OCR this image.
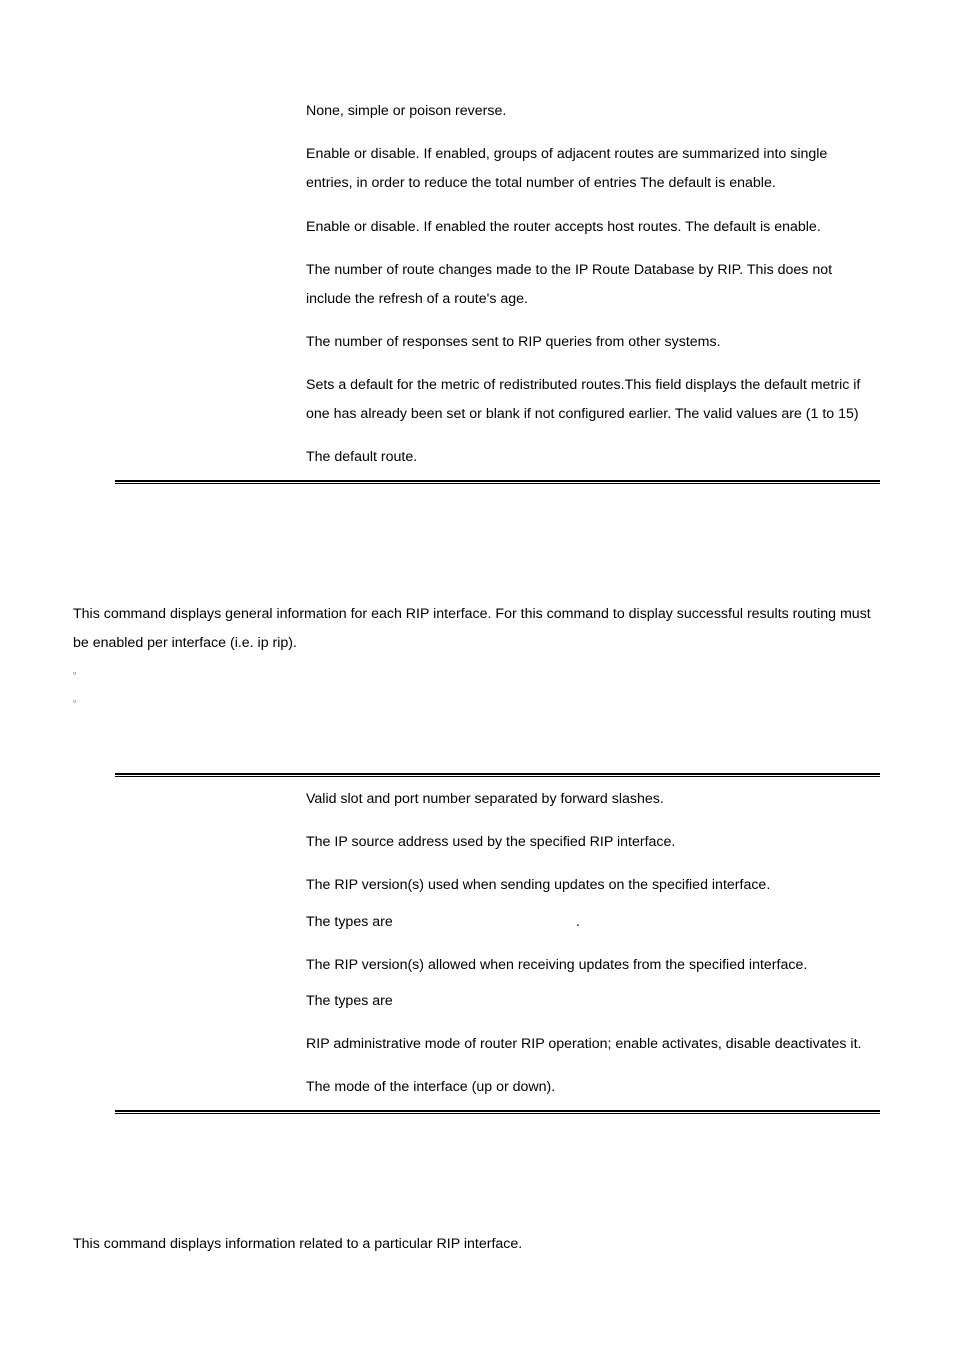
None, simple or poison reverse.
Enable or disable. If enabled, groups of adjacent routes are summarized into single
entries, in order to reduce the total number of entries The default is enable.
Enable or disable. If enabled the router accepts host routes. The default is enable.
The number of route changes made to the IP Route Database by RIP. This does not
include the refresh of a route's age.
The number of responses sent to RIP queries from other systems.
Sets a default for the metric of redistributed routes.This field displays the default metric if
one has already been set or blank if not configured earlier. The valid values are (1 to 15)
The default route.
This command displays general information for each RIP interface. For this command to display successful results routing must
be enabled per interface (i.e. ip rip).
▫
▫
Valid slot and port number separated by forward slashes.
The IP source address used by the specified RIP interface.
The RIP version(s) used when sending updates on the specified interface.
The types are	.
The RIP version(s) allowed when receiving updates from the specified interface.
The types are
RIP administrative mode of router RIP operation; enable activates, disable deactivates it.
The mode of the interface (up or down).
This command displays information related to a particular RIP interface.
